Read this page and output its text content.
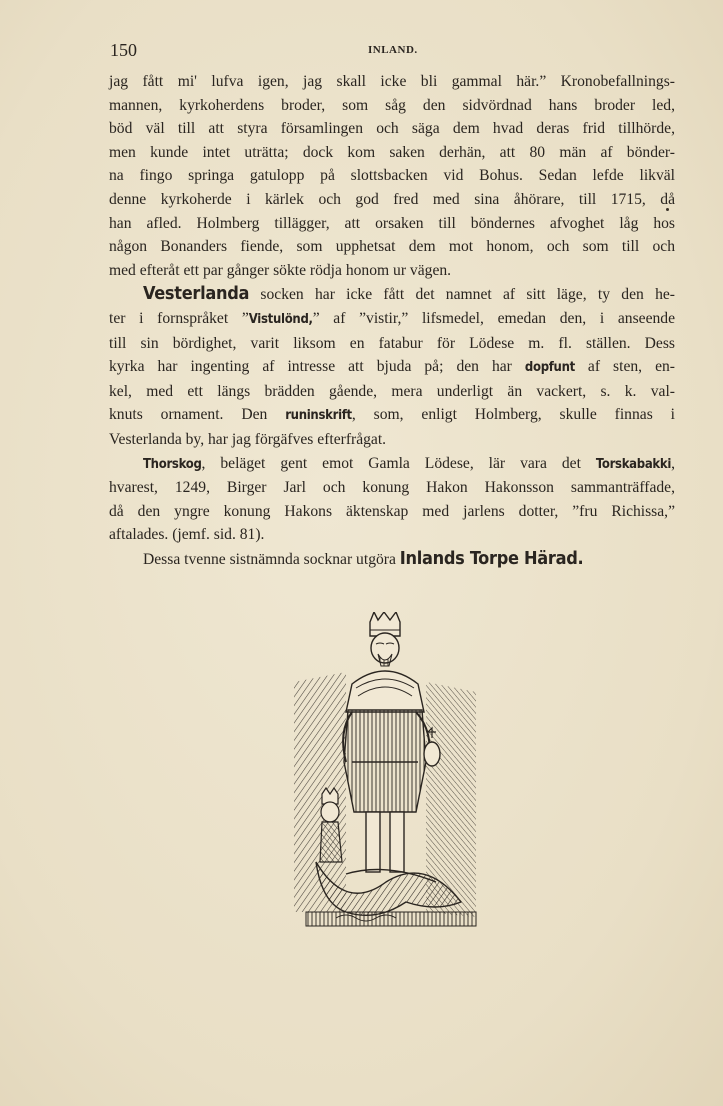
150	INLAND.
jag fått mi' lufva igen, jag skall icke bli gammal här.” Kronobefallnings-
mannen, kyrkoherdens broder, som såg den sidvördnad hans broder led,
böd väl till att styra församlingen och säga dem hvad deras frid tillhörde,
men kunde intet uträtta; dock kom saken derhän, att 80 män af bönder-
na fingo springa gatulopp på slottsbacken vid Bohus. Sedan lefde likväl
denne kyrkoherde i kärlek och god fred med sina åhörare, till 1715, då
han afled. Holmberg tillägger, att orsaken till böndernes afvoghet låg hos
någon Bonanders fiende, som upphetsat dem mot honom, och som till och
med efteråt ett par gånger sökte rödja honom ur vägen.
Vesterlanda socken har icke fått det namnet af sitt läge, ty den he-
ter i fornspråket ”Vistulönd,” af ”vistir,” lifsmedel, emedan den, i anseende
till sin bördighet, varit liksom en fatabur för Lödese m. fl. ställen. Dess
kyrka har ingenting af intresse att bjuda på; den har dopfunt af sten, en-
kel, med ett längs brädden gående, mera underligt än vackert, s. k. val-
knuts ornament. Den runinskrift, som, enligt Holmberg, skulle finnas i
Vesterlanda by, har jag förgäfves efterfrågat.
Thorskog, beläget gent emot Gamla Lödese, lär vara det Torskabakki,
hvarest, 1249, Birger Jarl och konung Hakon Hakonsson sammanträffade,
då den yngre konung Hakons äktenskap med jarlens dotter, ”fru Richissa,”
aftalades. (jemf. sid. 81).
Dessa tvenne sistnämnda socknar utgöra Inlands Torpe Härad.
